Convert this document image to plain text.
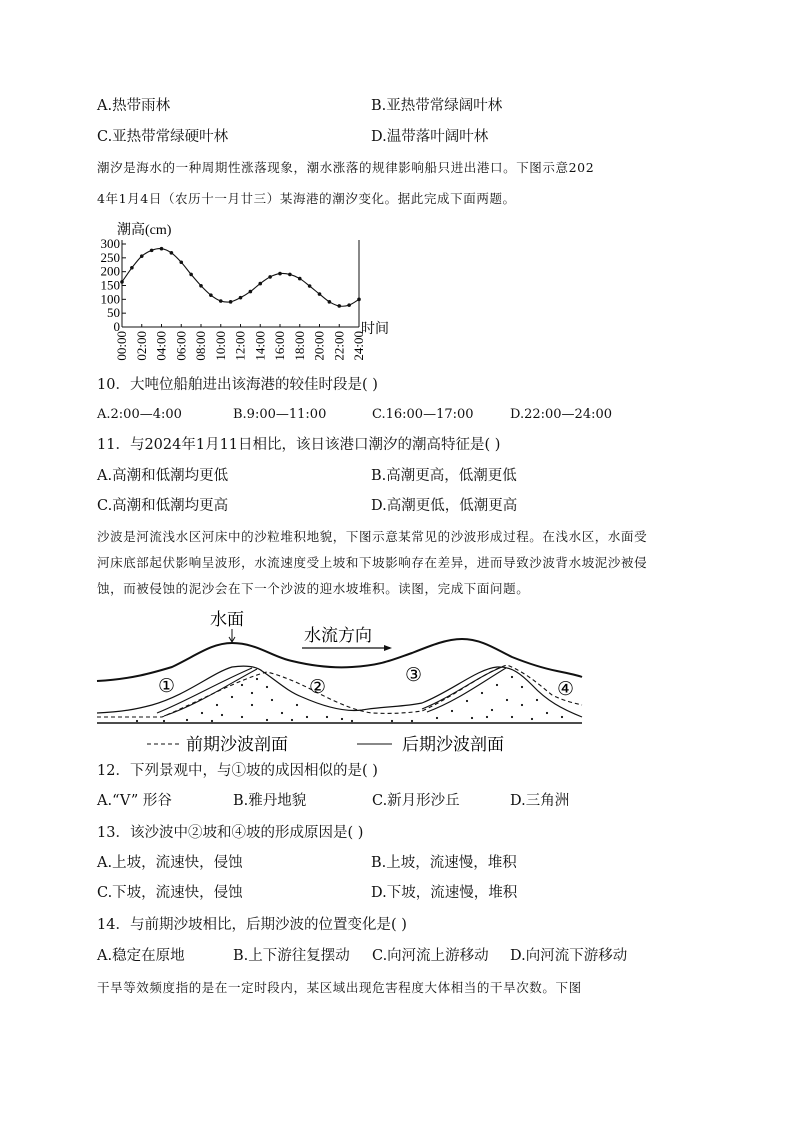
A.热带雨林	B.亚热带常绿阔叶林
C.亚热带常绿硬叶林	D.温带落叶阔叶林
潮汐是海水的一种周期性涨落现象，潮水涨落的规律影响船只进出港口。下图示意202
4年1月4日（农历十一月廿三）某海港的潮汐变化。据此完成下面两题。
潮高(cm)
0
50
100
150
200
250
300
00:00 02:00 04:00 06:00 08:00 10:00 12:00 14:00 16:00 18:00 20:00 22:00 24:00
时间
10．大吨位船舶进出该海港的较佳时段是( )
A.2:00—4:00	B.9:00—11:00	C.16:00—17:00	D.22:00—24:00
11．与2024年1月11日相比，该日该港口潮汐的潮高特征是( )
A.高潮和低潮均更低	B.高潮更高，低潮更低
C.高潮和低潮均更高	D.高潮更低，低潮更高
沙波是河流浅水区河床中的沙粒堆积地貌，下图示意某常见的沙波形成过程。在浅水区，水面受
河床底部起伏影响呈波形，水流速度受上坡和下坡影响存在差异，进而导致沙波背水坡泥沙被侵
蚀，而被侵蚀的泥沙会在下一个沙波的迎水坡堆积。读图，完成下面问题。
水面
水流方向
①	②
③
④
前期沙波剖面	后期沙波剖面
12．下列景观中，与①坡的成因相似的是( )
A.“V” 形谷	B.雅丹地貌	C.新月形沙丘	D.三角洲
13．该沙波中②坡和④坡的形成原因是( )
A.上坡，流速快，侵蚀	B.上坡，流速慢，堆积
C.下坡，流速快，侵蚀	D.下坡，流速慢，堆积
14．与前期沙坡相比，后期沙波的位置变化是( )
A.稳定在原地	B.上下游往复摆动 C.向河流上游移动 D.向河流下游移动
干旱等效频度指的是在一定时段内，某区域出现危害程度大体相当的干旱次数。下图
